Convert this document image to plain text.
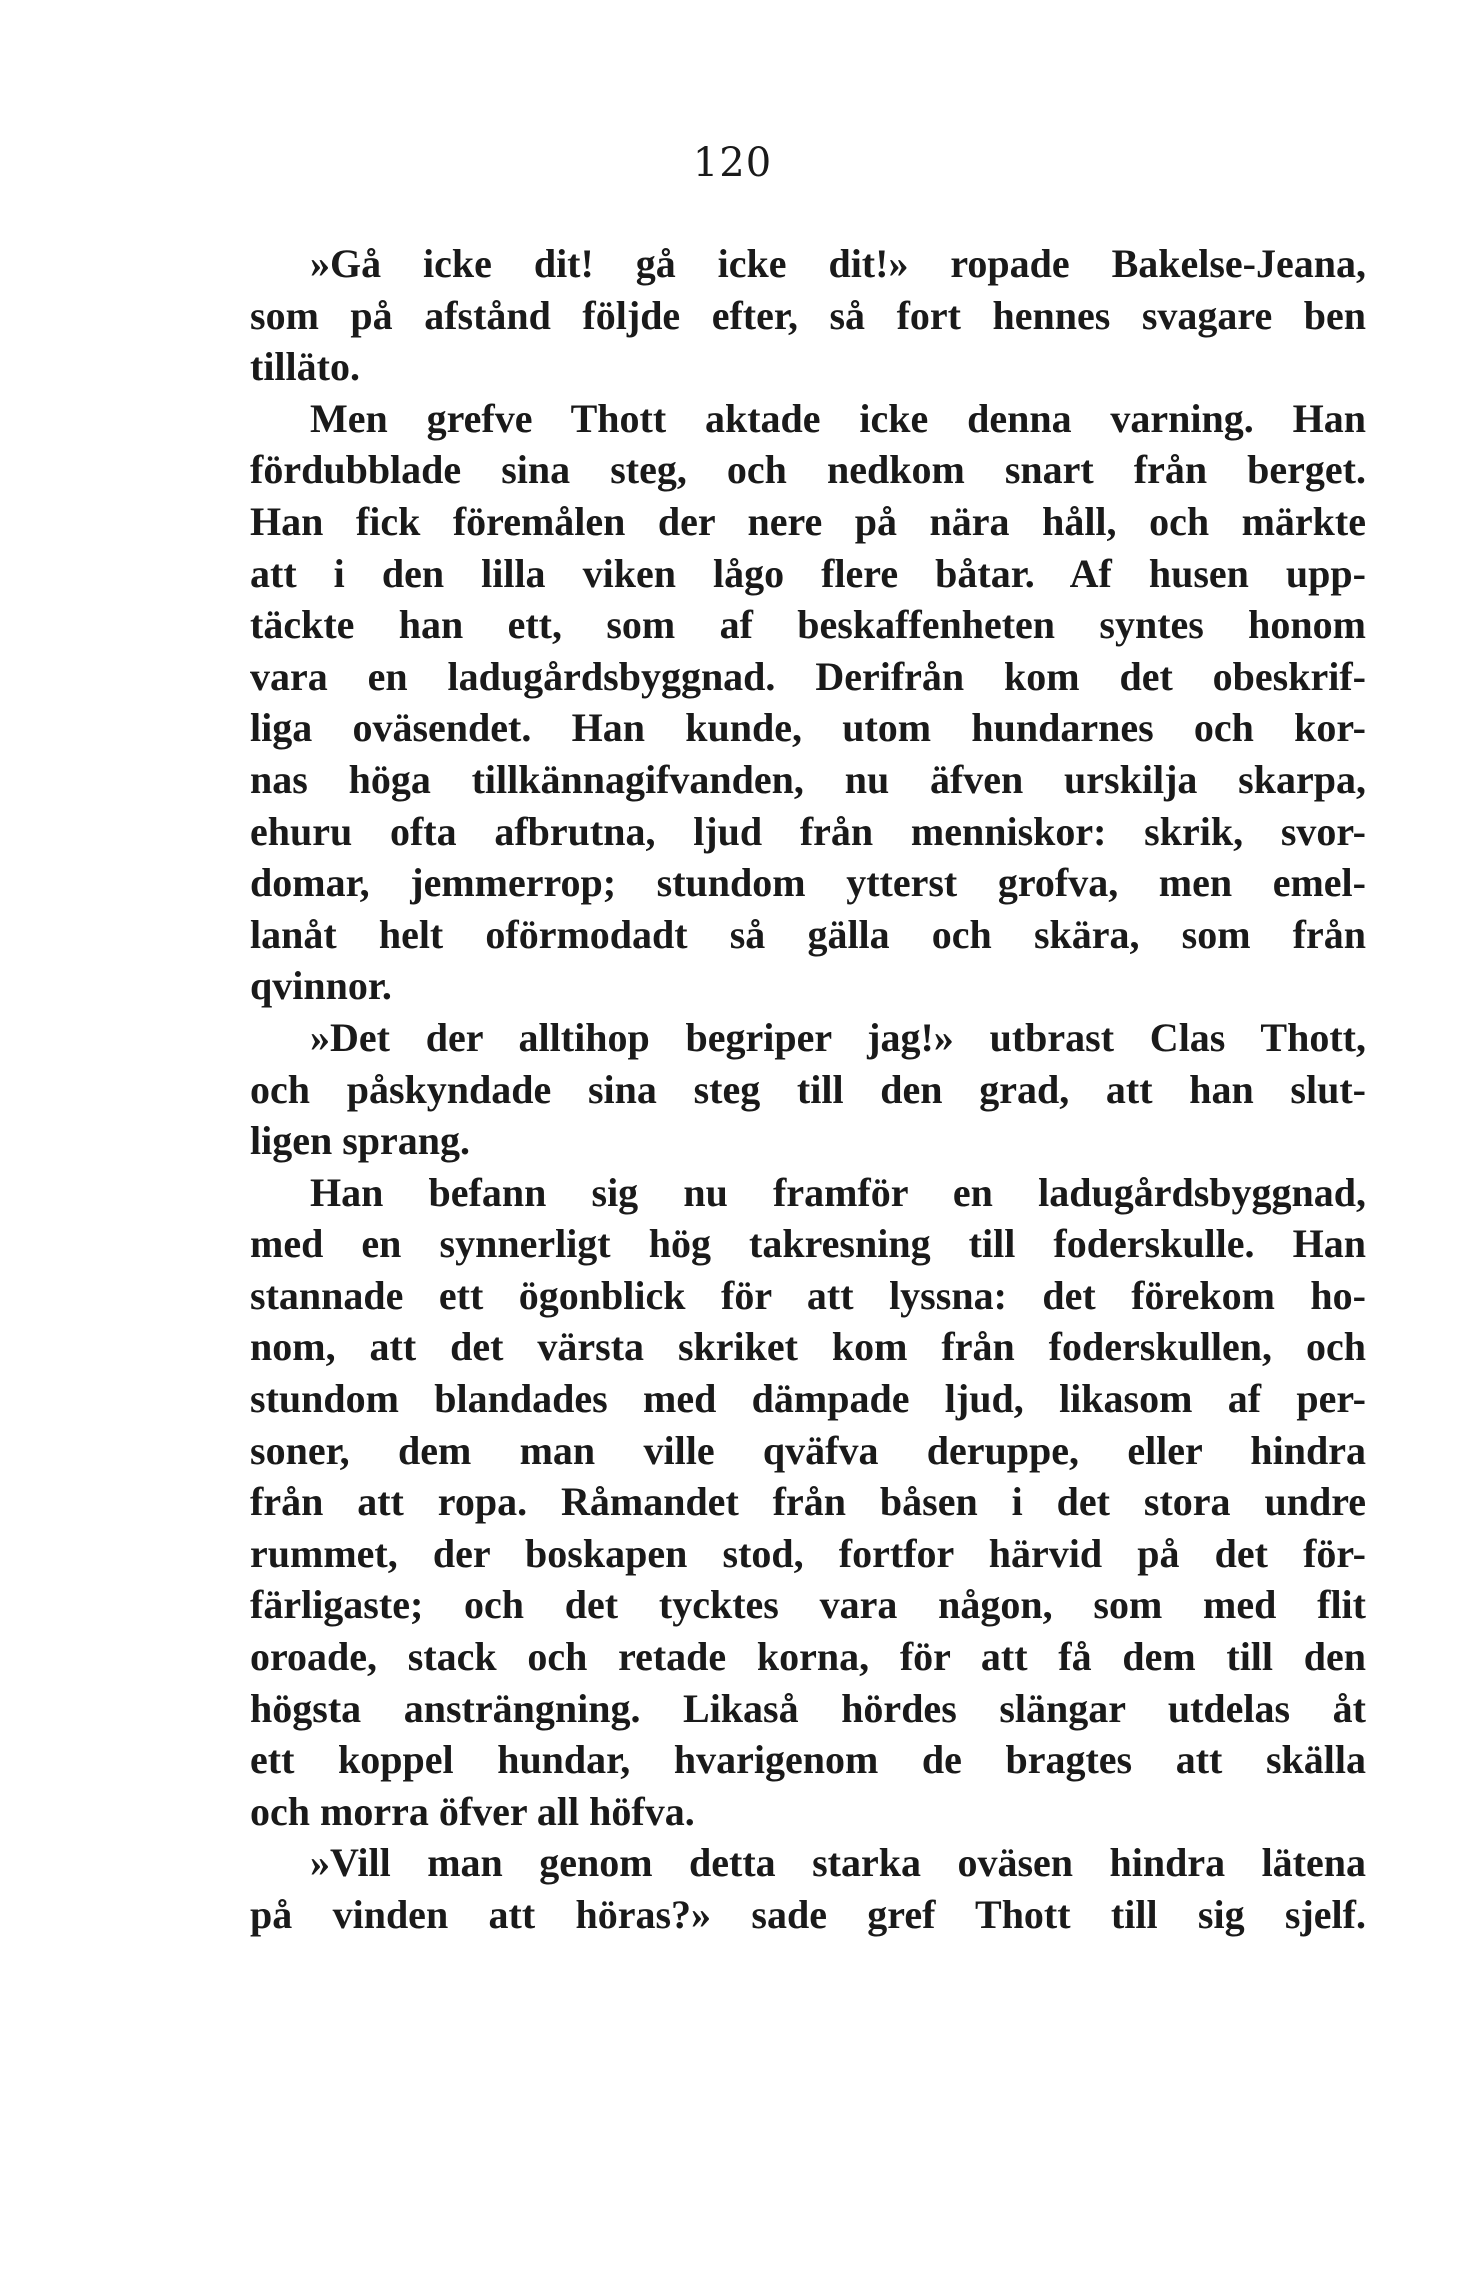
120
»Gå icke dit! gå icke dit!» ropade Bakelse-Jeana,
som på afstånd följde efter, så fort hennes svagare ben
tilläto.
Men grefve Thott aktade icke denna varning. Han
fördubblade sina steg, och nedkom snart från berget.
Han fick föremålen der nere på nära håll, och märkte
att i den lilla viken lågo flere båtar. Af husen upp-
täckte han ett, som af beskaffenheten syntes honom
vara en ladugårdsbyggnad. Derifrån kom det obeskrif-
liga oväsendet. Han kunde, utom hundarnes och kor-
nas höga tillkännagifvanden, nu äfven urskilja skarpa,
ehuru ofta afbrutna, ljud från menniskor: skrik, svor-
domar, jemmerrop; stundom ytterst grofva, men emel-
lanåt helt oförmodadt så gälla och skära, som från
qvinnor.
»Det der alltihop begriper jag!» utbrast Clas Thott,
och påskyndade sina steg till den grad, att han slut-
ligen sprang.
Han befann sig nu framför en ladugårdsbyggnad,
med en synnerligt hög takresning till foderskulle. Han
stannade ett ögonblick för att lyssna: det förekom ho-
nom, att det värsta skriket kom från foderskullen, och
stundom blandades med dämpade ljud, likasom af per-
soner, dem man ville qväfva deruppe, eller hindra
från att ropa. Råmandet från båsen i det stora undre
rummet, der boskapen stod, fortfor härvid på det för-
färligaste; och det tycktes vara någon, som med flit
oroade, stack och retade korna, för att få dem till den
högsta ansträngning. Likaså hördes slängar utdelas åt
ett koppel hundar, hvarigenom de bragtes att skälla
och morra öfver all höfva.
»Vill man genom detta starka oväsen hindra lätena
på vinden att höras?» sade gref Thott till sig sjelf.
